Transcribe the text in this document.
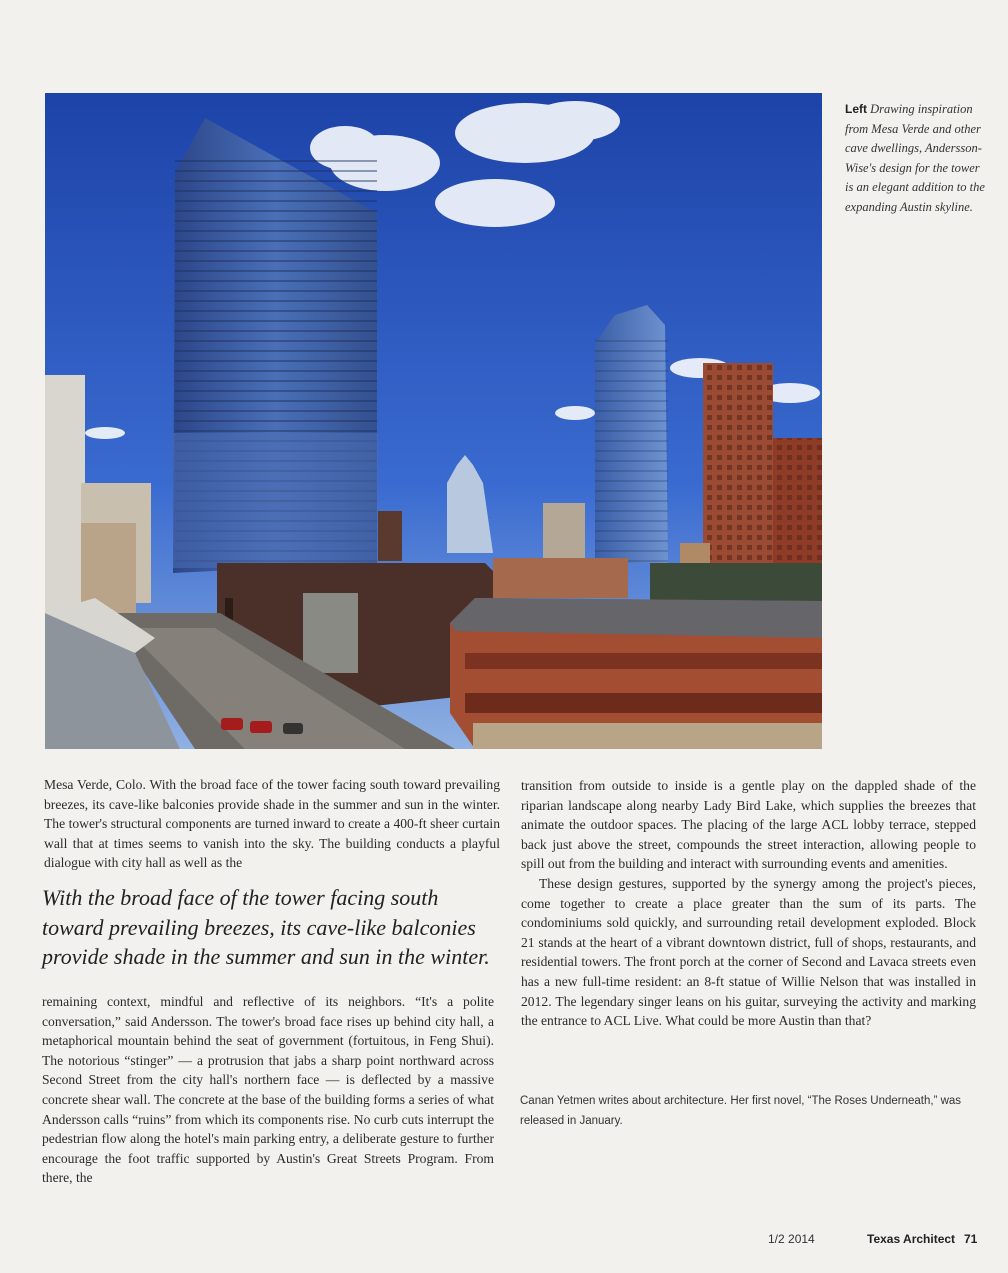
Left Drawing inspiration from Mesa Verde and other cave dwellings, Andersson-Wise's design for the tower is an elegant addition to the expanding Austin skyline.

Mesa Verde, Colo. With the broad face of the tower facing south toward prevailing breezes, its cave-like balconies provide shade in the summer and sun in the winter. The tower's structural components are turned inward to create a 400-ft sheer curtain wall that at times seems to vanish into the sky. The building conducts a playful dialogue with city hall as well as the

With the broad face of the tower facing south toward prevailing breezes, its cave-like balconies provide shade in the summer and sun in the winter.

remaining context, mindful and reflective of its neighbors. “It's a polite conversation,” said Andersson. The tower's broad face rises up behind city hall, a metaphorical mountain behind the seat of government (fortuitous, in Feng Shui). The notorious “stinger” — a protrusion that jabs a sharp point northward across Second Street from the city hall's northern face — is deflected by a massive concrete shear wall. The concrete at the base of the building forms a series of what Andersson calls “ruins” from which its components rise. No curb cuts interrupt the pedestrian flow along the hotel's main parking entry, a deliberate gesture to further encourage the foot traffic supported by Austin's Great Streets Program. From there, the

transition from outside to inside is a gentle play on the dappled shade of the riparian landscape along nearby Lady Bird Lake, which supplies the breezes that animate the outdoor spaces. The placing of the large ACL lobby terrace, stepped back just above the street, compounds the street interaction, allowing people to spill out from the building and interact with surrounding events and amenities.

These design gestures, supported by the synergy among the project's pieces, come together to create a place greater than the sum of its parts. The condominiums sold quickly, and surrounding retail development exploded. Block 21 stands at the heart of a vibrant downtown district, full of shops, restaurants, and residential towers. The front porch at the corner of Second and Lavaca streets even has a new full-time resident: an 8-ft statue of Willie Nelson that was installed in 2012. The legendary singer leans on his guitar, surveying the activity and marking the entrance to ACL Live. What could be more Austin than that?

Canan Yetmen writes about architecture. Her first novel, “The Roses Underneath,” was released in January.
1/2 2014	Texas Architect 71
